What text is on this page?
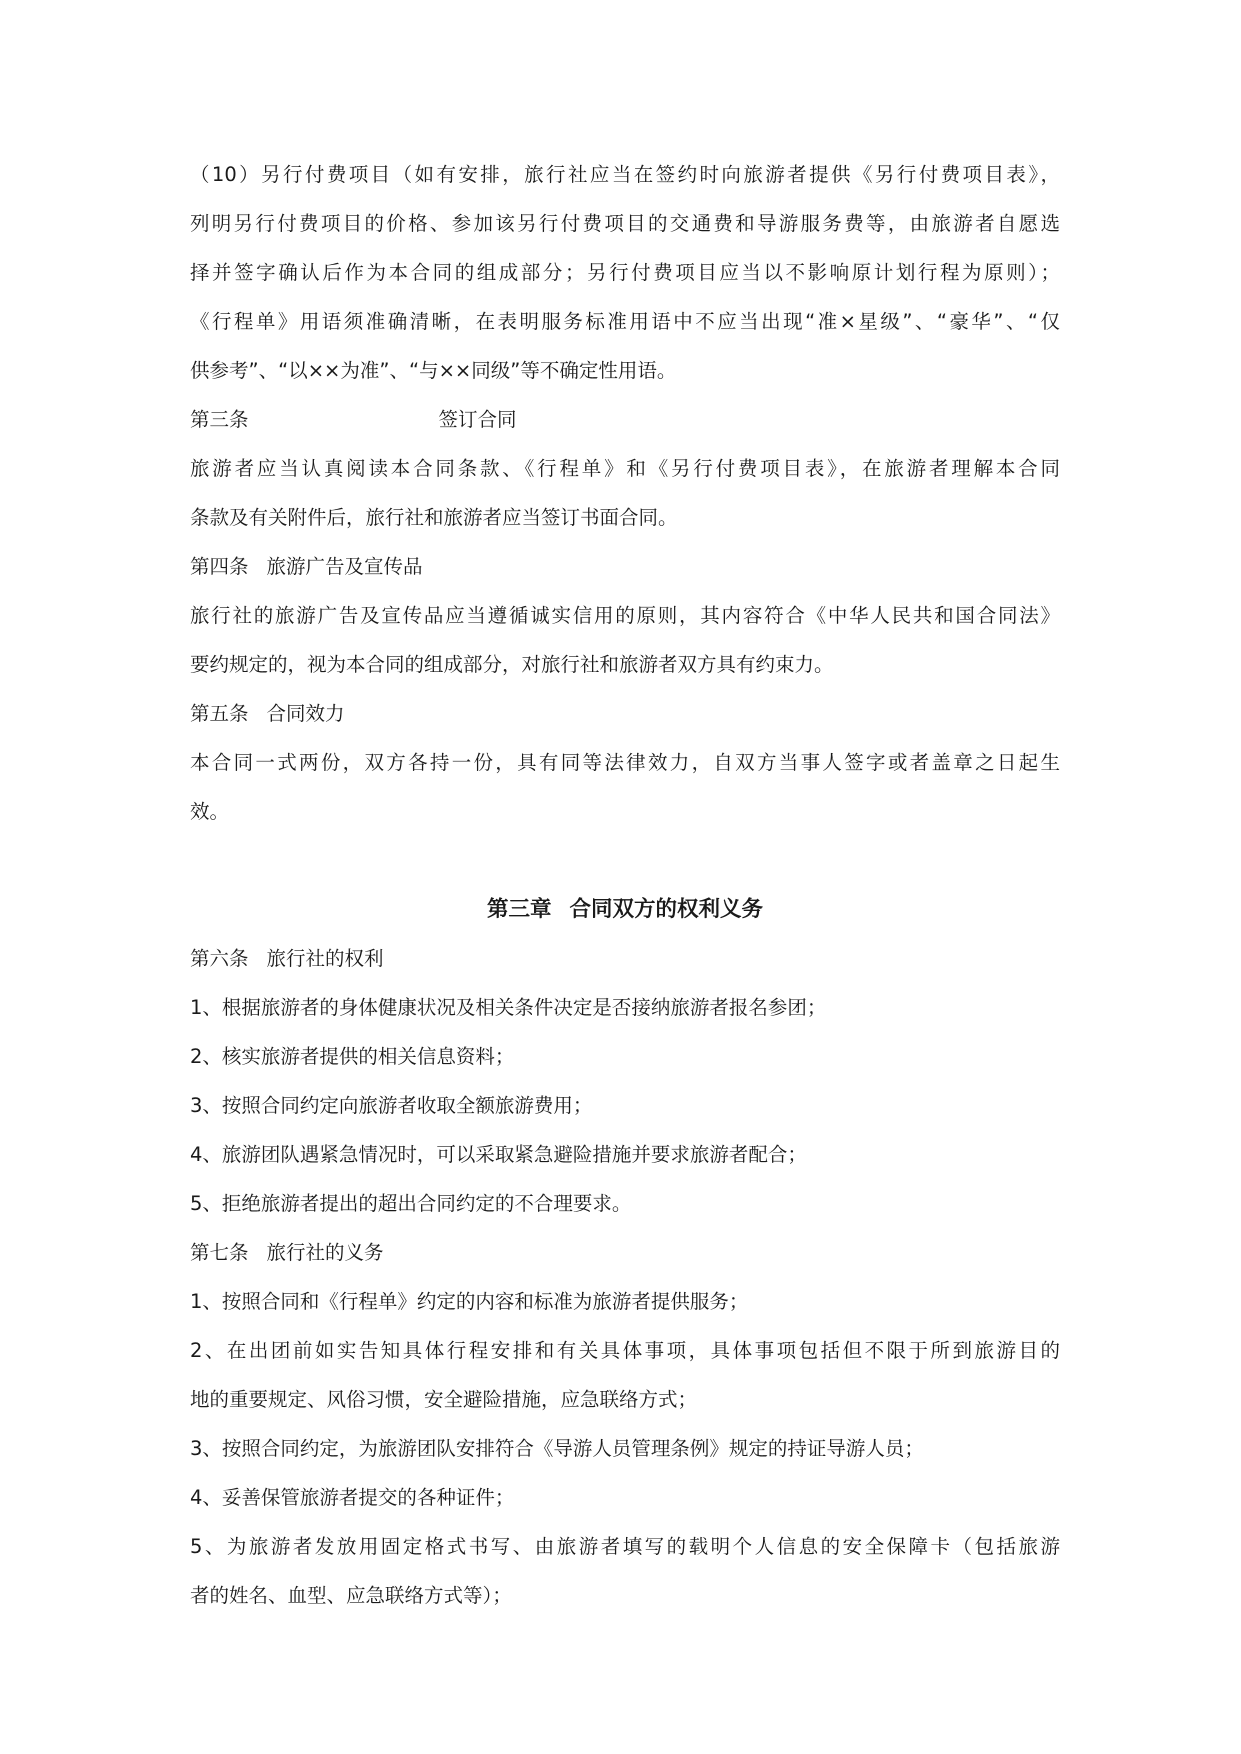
（10）另行付费项目（如有安排，旅行社应当在签约时向旅游者提供《另行付费项目表》，
列明另行付费项目的价格、参加该另行付费项目的交通费和导游服务费等，由旅游者自愿选
择并签字确认后作为本合同的组成部分；另行付费项目应当以不影响原计划行程为原则）；
《行程单》用语须准确清晰，在表明服务标准用语中不应当出现“准×星级”、“豪华”、“仅
供参考”、“以××为准”、“与××同级”等不确定性用语。
第三条	签订合同
旅游者应当认真阅读本合同条款、《行程单》和《另行付费项目表》，在旅游者理解本合同
条款及有关附件后，旅行社和旅游者应当签订书面合同。
第四条 旅游广告及宣传品
旅行社的旅游广告及宣传品应当遵循诚实信用的原则，其内容符合《中华人民共和国合同法》
要约规定的，视为本合同的组成部分，对旅行社和旅游者双方具有约束力。
第五条 合同效力
本合同一式两份，双方各持一份，具有同等法律效力，自双方当事人签字或者盖章之日起生
效。
第三章 合同双方的权利义务
第六条 旅行社的权利
1、根据旅游者的身体健康状况及相关条件决定是否接纳旅游者报名参团；
2、核实旅游者提供的相关信息资料；
3、按照合同约定向旅游者收取全额旅游费用；
4、旅游团队遇紧急情况时，可以采取紧急避险措施并要求旅游者配合；
5、拒绝旅游者提出的超出合同约定的不合理要求。
第七条 旅行社的义务
1、按照合同和《行程单》约定的内容和标准为旅游者提供服务；
2、在出团前如实告知具体行程安排和有关具体事项，具体事项包括但不限于所到旅游目的
地的重要规定、风俗习惯，安全避险措施，应急联络方式；
3、按照合同约定，为旅游团队安排符合《导游人员管理条例》规定的持证导游人员；
4、妥善保管旅游者提交的各种证件；
5、为旅游者发放用固定格式书写、由旅游者填写的载明个人信息的安全保障卡（包括旅游
者的姓名、血型、应急联络方式等）；
